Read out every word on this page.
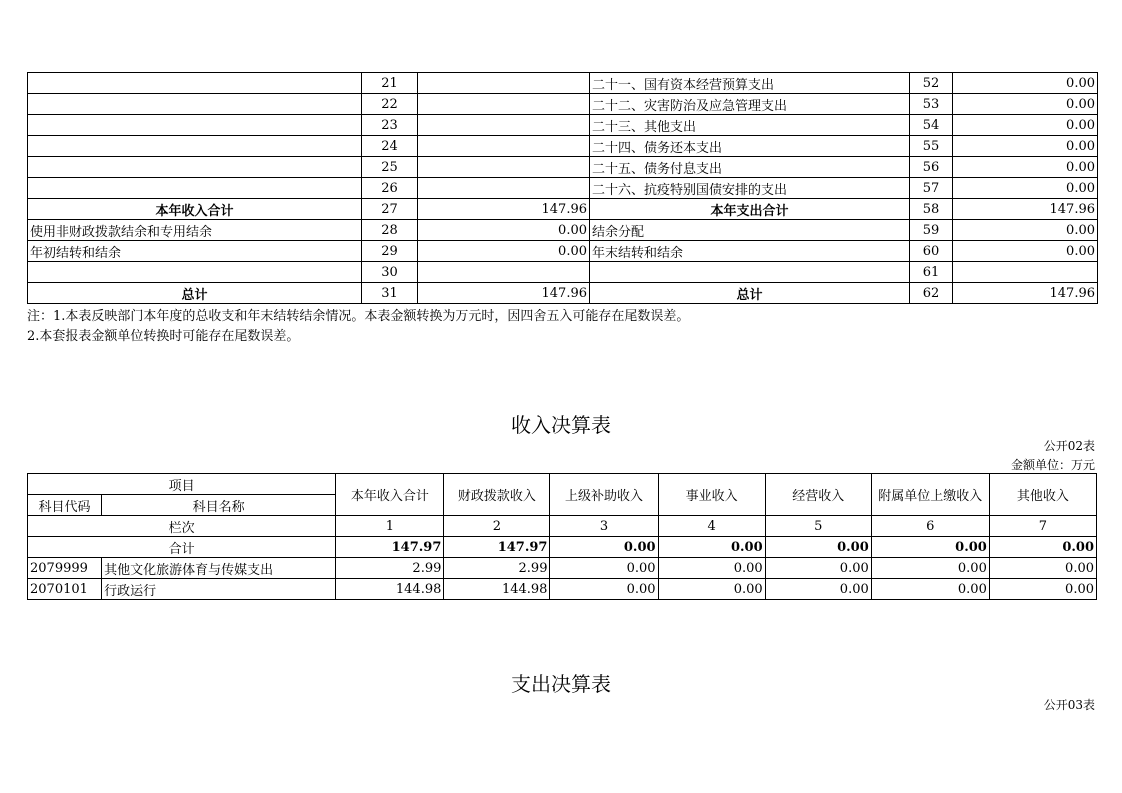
	21		二十一、国有资本经营预算支出	52	0.00
	22		二十二、灾害防治及应急管理支出	53	0.00
	23		二十三、其他支出	54	0.00
	24		二十四、债务还本支出	55	0.00
	25		二十五、债务付息支出	56	0.00
	26		二十六、抗疫特别国债安排的支出	57	0.00
本年收入合计	27	147.96	本年支出合计	58	147.96
使用非财政拨款结余和专用结余	28	0.00	结余分配	59	0.00
年初结转和结余	29	0.00	年末结转和结余	60	0.00
	30			61	
总计	31	147.96	总计	62	147.96
注：1.本表反映部门本年度的总收支和年末结转结余情况。本表金额转换为万元时，因四舍五入可能存在尾数误差。
2.本套报表金额单位转换时可能存在尾数误差。
收入决算表
公开02表
金额单位：万元
项目		本年收入合计	财政拨款收入	上级补助收入	事业收入	经营收入	附属单位上缴收入	其他收入
科目代码	科目名称							
栏次		1	2	3	4	5	6	7
合计		147.97	147.97	0.00	0.00	0.00	0.00	0.00
2079999	其他文化旅游体育与传媒支出	2.99	2.99	0.00	0.00	0.00	0.00	0.00
2070101	行政运行	144.98	144.98	0.00	0.00	0.00	0.00	0.00
支出决算表
公开03表
